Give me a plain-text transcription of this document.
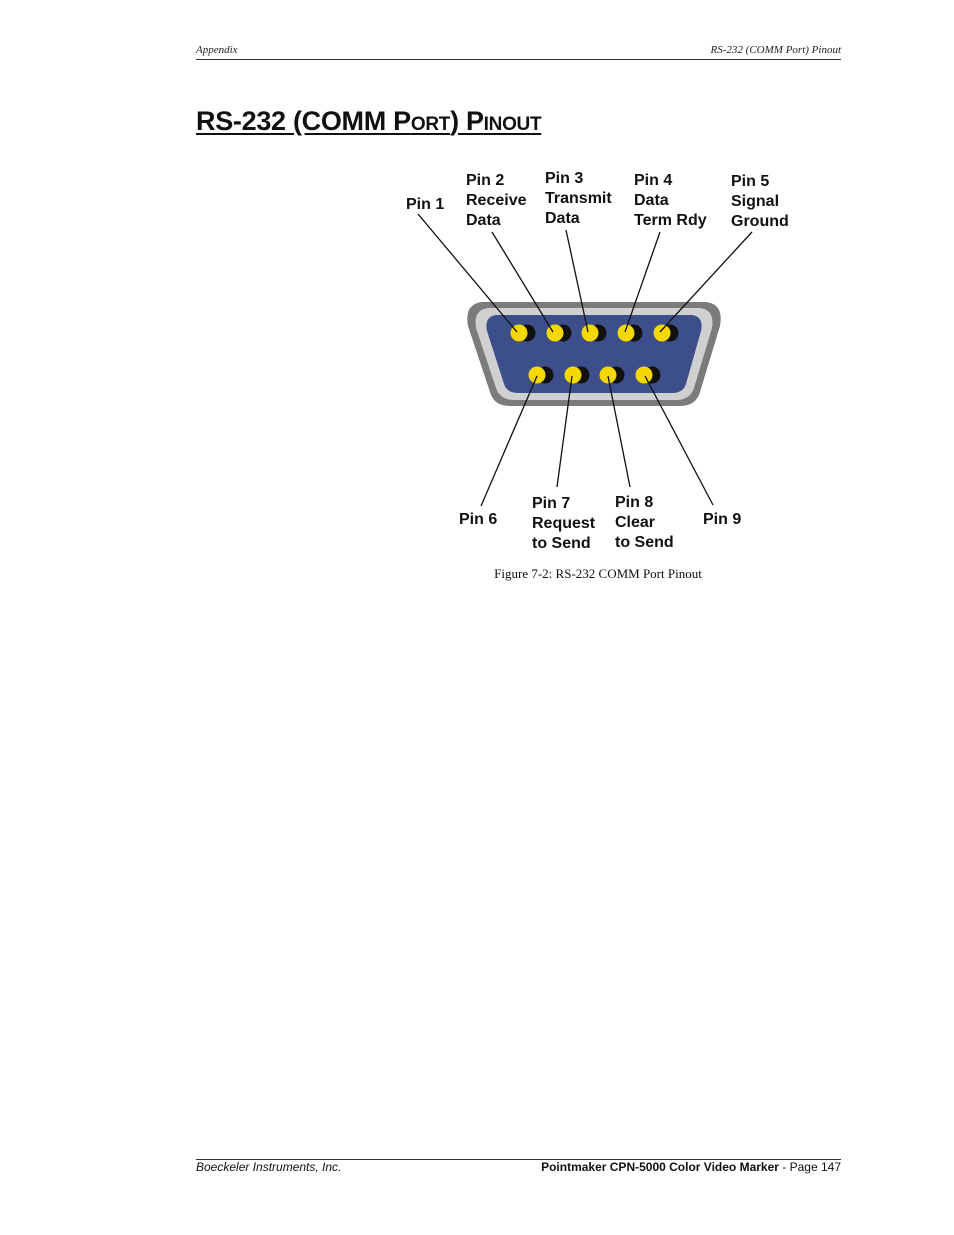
Appendix	RS-232 (COMM Port) Pinout
RS-232 (COMM PORT) PINOUT
Pin 1
Pin 2 Receive Data
Pin 3 Transmit Data
Pin 4 Data Term Rdy
Pin 5 Signal Ground
Pin 6
Pin 7 Request to Send
Pin 8 Clear to Send
Pin 9
Figure 7-2: RS-232 COMM Port Pinout
Boeckeler Instruments, Inc.	Pointmaker CPN-5000 Color Video Marker - Page 147
